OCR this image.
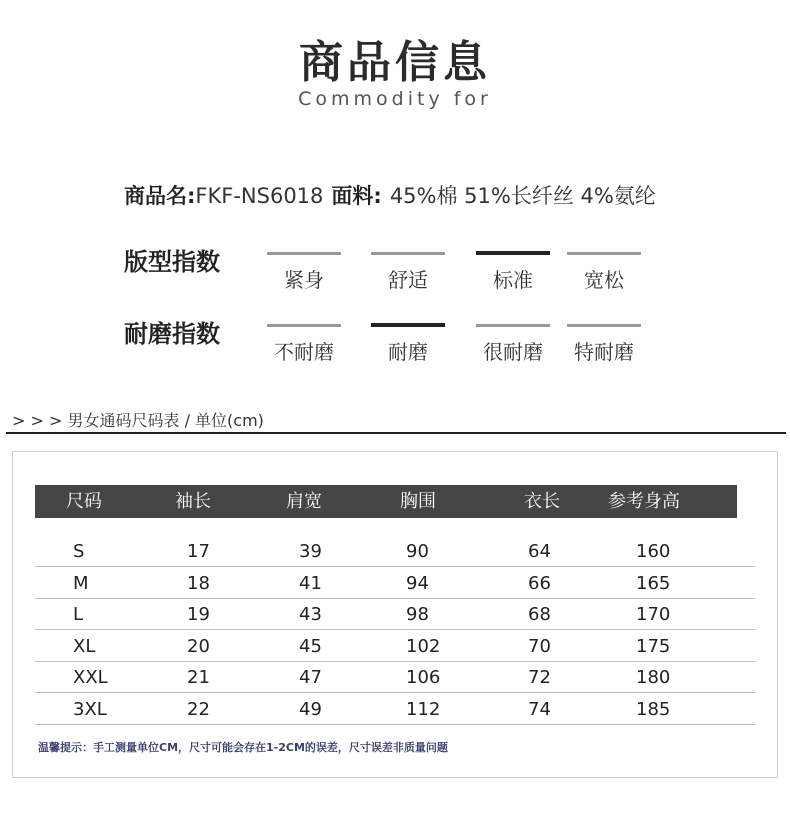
商品信息
Commodity for
商品名:FKF-NS6018 面料: 45%棉 51%长纤丝 4%氨纶
版型指数
紧身	舒适	标准	宽松
耐磨指数
不耐磨	耐磨	很耐磨	特耐磨
> > > 男女通码尺码表 / 单位(cm)
尺码	袖长	肩宽	胸围	衣长	参考身高
S	17	39	90	64	160
M	18	41	94	66	165
L	19	43	98	68	170
XL	20	45	102	70	175
XXL	21	47	106	72	180
3XL	22	49	112	74	185
温馨提示：手工测量单位CM，尺寸可能会存在1-2CM的误差，尺寸误差非质量问题
